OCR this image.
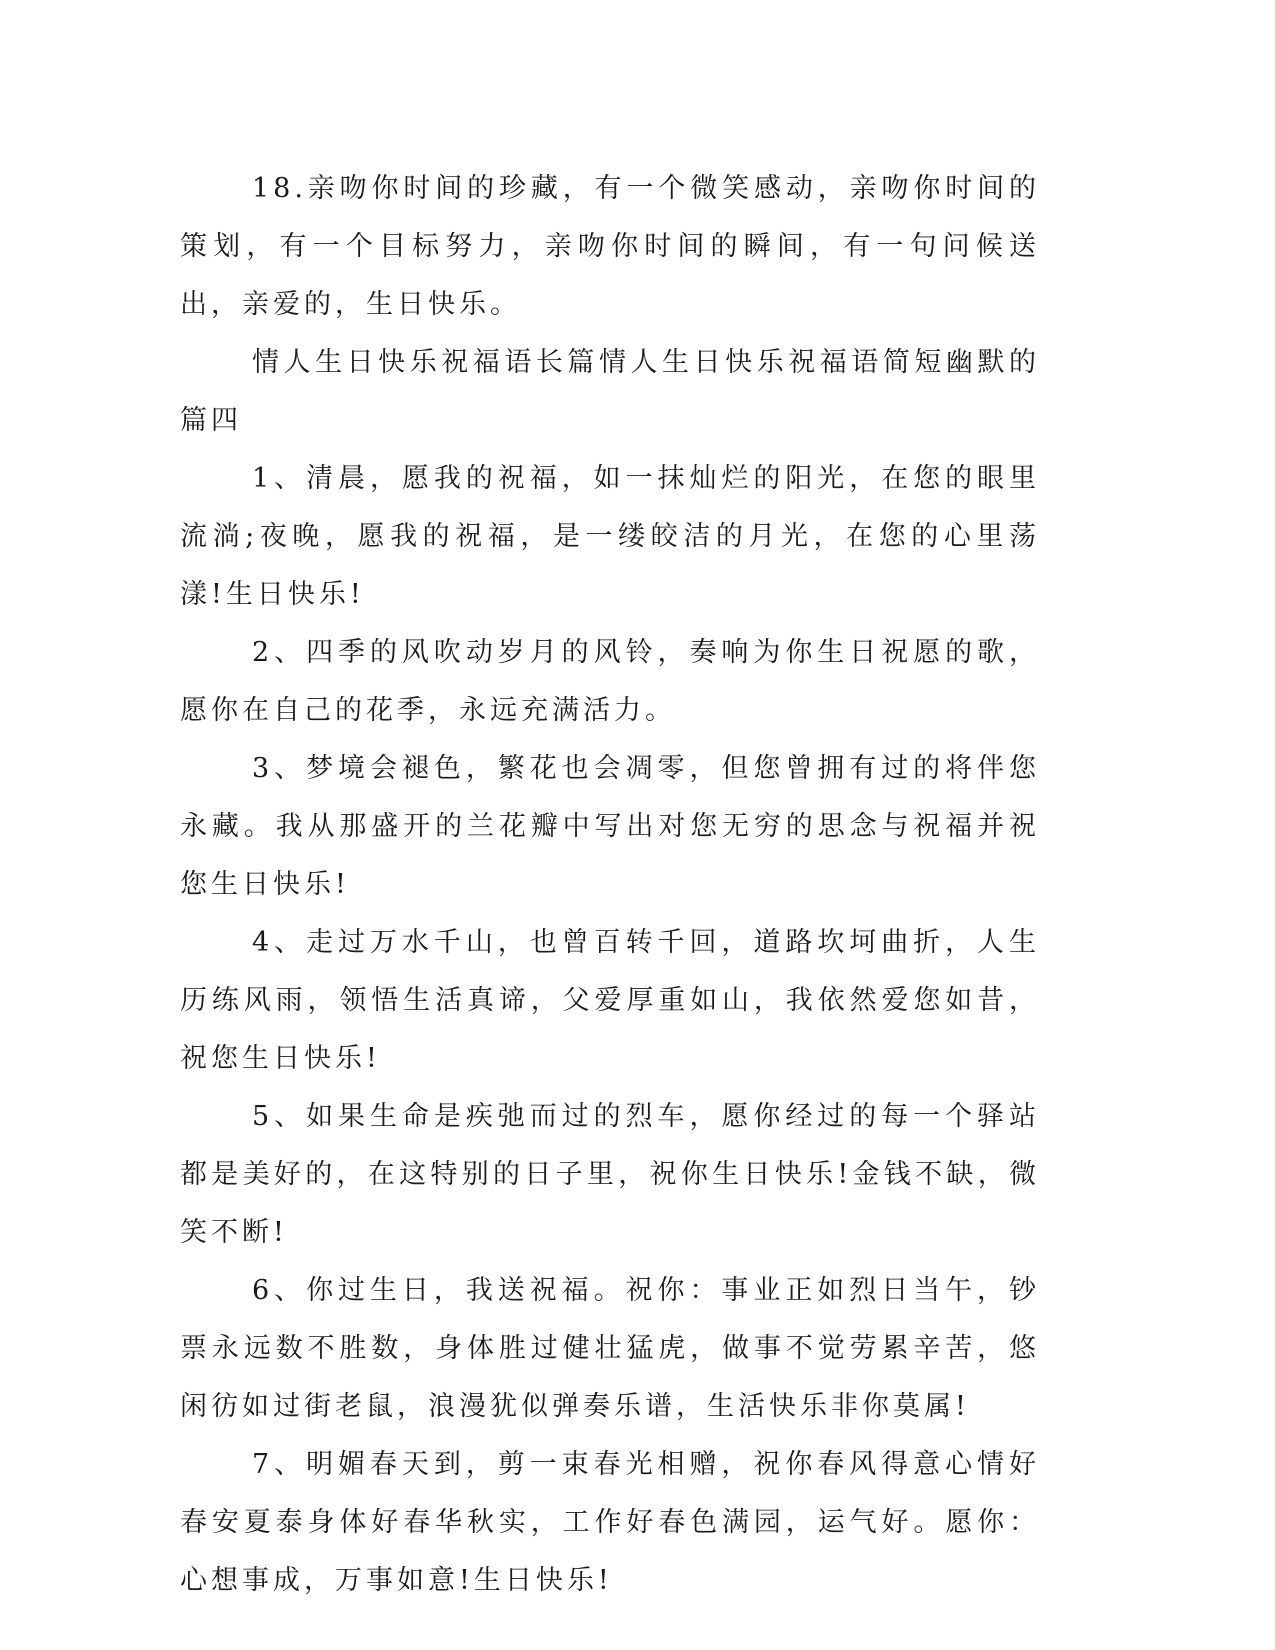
18.亲吻你时间的珍藏，有一个微笑感动，亲吻你时间的策划，有一个目标努力，亲吻你时间的瞬间，有一句问候送出，亲爱的，生日快乐。

情人生日快乐祝福语长篇情人生日快乐祝福语简短幽默的篇四

1、清晨，愿我的祝福，如一抹灿烂的阳光，在您的眼里流淌;夜晚，愿我的祝福，是一缕皎洁的月光，在您的心里荡漾!生日快乐!

2、四季的风吹动岁月的风铃，奏响为你生日祝愿的歌，愿你在自己的花季，永远充满活力。

3、梦境会褪色，繁花也会凋零，但您曾拥有过的将伴您永藏。我从那盛开的兰花瓣中写出对您无穷的思念与祝福并祝您生日快乐!

4、走过万水千山，也曾百转千回，道路坎坷曲折，人生历练风雨，领悟生活真谛，父爱厚重如山，我依然爱您如昔，祝您生日快乐!

5、如果生命是疾弛而过的烈车，愿你经过的每一个驿站都是美好的，在这特别的日子里，祝你生日快乐!金钱不缺，微笑不断!

6、你过生日，我送祝福。祝你：事业正如烈日当午，钞票永远数不胜数，身体胜过健壮猛虎，做事不觉劳累辛苦，悠闲彷如过街老鼠，浪漫犹似弹奏乐谱，生活快乐非你莫属!

7、明媚春天到，剪一束春光相赠，祝你春风得意心情好春安夏泰身体好春华秋实，工作好春色满园，运气好。愿你：心想事成，万事如意!生日快乐!
